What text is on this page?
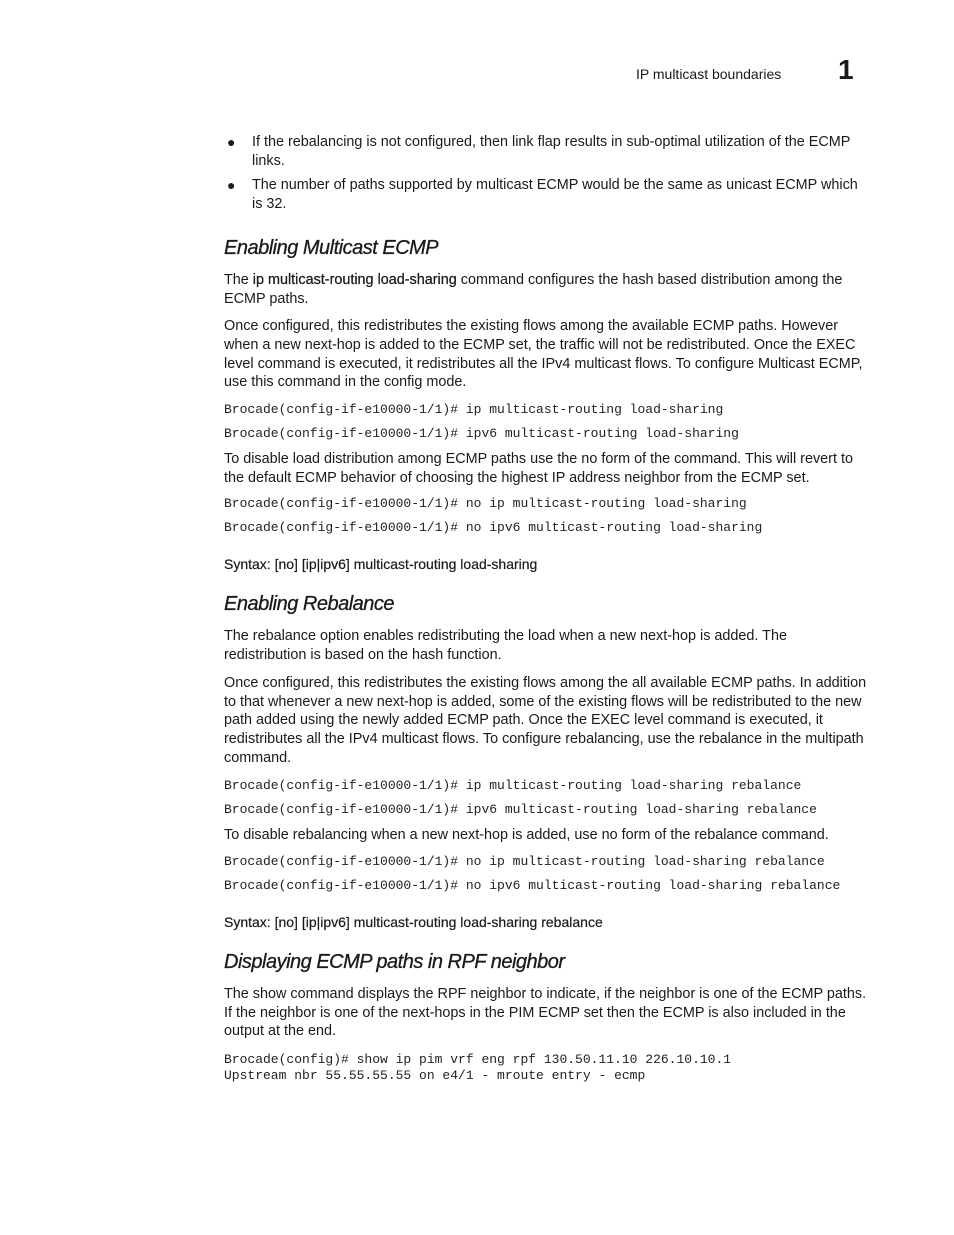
IP multicast boundaries 1
● If the rebalancing is not configured, then link flap results in sub-optimal utilization of the ECMP links.
● The number of paths supported by multicast ECMP would be the same as unicast ECMP which is 32.
Enabling Multicast ECMP

The ip multicast-routing load-sharing command configures the hash based distribution among the ECMP paths.

Once configured, this redistributes the existing flows among the available ECMP paths. However when a new next-hop is added to the ECMP set, the traffic will not be redistributed. Once the EXEC level command is executed, it redistributes all the IPv4 multicast flows. To configure Multicast ECMP, use this command in the config mode.

Brocade(config-if-e10000-1/1)# ip multicast-routing load-sharing
Brocade(config-if-e10000-1/1)# ipv6 multicast-routing load-sharing

To disable load distribution among ECMP paths use the no form of the command. This will revert to the default ECMP behavior of choosing the highest IP address neighbor from the ECMP set.

Brocade(config-if-e10000-1/1)# no ip multicast-routing load-sharing
Brocade(config-if-e10000-1/1)# no ipv6 multicast-routing load-sharing
Syntax: [no] [ip|ipv6] multicast-routing load-sharing
Enabling Rebalance

The rebalance option enables redistributing the load when a new next-hop is added. The redistribution is based on the hash function.

Once configured, this redistributes the existing flows among the all available ECMP paths. In addition to that whenever a new next-hop is added, some of the existing flows will be redistributed to the new path added using the newly added ECMP path. Once the EXEC level command is executed, it redistributes all the IPv4 multicast flows. To configure rebalancing, use the rebalance in the multipath command.

Brocade(config-if-e10000-1/1)# ip multicast-routing load-sharing rebalance
Brocade(config-if-e10000-1/1)# ipv6 multicast-routing load-sharing rebalance

To disable rebalancing when a new next-hop is added, use no form of the rebalance command.

Brocade(config-if-e10000-1/1)# no ip multicast-routing load-sharing rebalance
Brocade(config-if-e10000-1/1)# no ipv6 multicast-routing load-sharing rebalance
Syntax: [no] [ip|ipv6] multicast-routing load-sharing rebalance
Displaying ECMP paths in RPF neighbor

The show command displays the RPF neighbor to indicate, if the neighbor is one of the ECMP paths. If the neighbor is one of the next-hops in the PIM ECMP set then the ECMP is also included in the output at the end.

Brocade(config)# show ip pim vrf eng rpf 130.50.11.10 226.10.10.1
Upstream nbr 55.55.55.55 on e4/1 - mroute entry - ecmp
